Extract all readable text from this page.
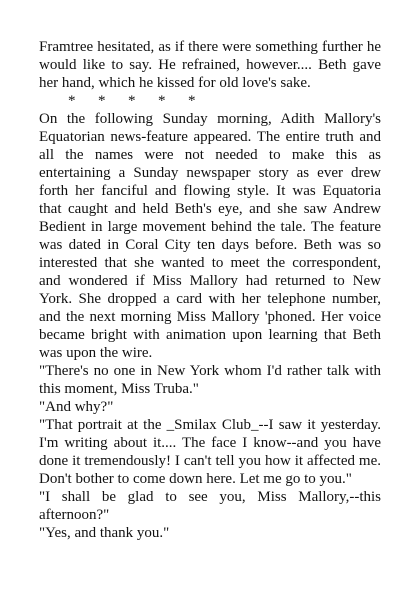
Framtree hesitated, as if there were something further he would like to say. He refrained, however.... Beth gave her hand, which he kissed for old love's sake.

*      *      *      *      *

On the following Sunday morning, Adith Mallory's Equatorian news-feature appeared. The entire truth and all the names were not needed to make this as entertaining a Sunday newspaper story as ever drew forth her fanciful and flowing style. It was Equatoria that caught and held Beth's eye, and she saw Andrew Bedient in large movement behind the tale. The feature was dated in Coral City ten days before. Beth was so interested that she wanted to meet the correspondent, and wondered if Miss Mallory had returned to New York. She dropped a card with her telephone number, and the next morning Miss Mallory 'phoned. Her voice became bright with animation upon learning that Beth was upon the wire.

"There's no one in New York whom I'd rather talk with this moment, Miss Truba."

"And why?"

"That portrait at the _Smilax Club_--I saw it yesterday. I'm writing about it.... The face I know--and you have done it tremendously! I can't tell you how it affected me. Don't bother to come down here. Let me go to you."

"I shall be glad to see you, Miss Mallory,--this afternoon?"

"Yes, and thank you."
